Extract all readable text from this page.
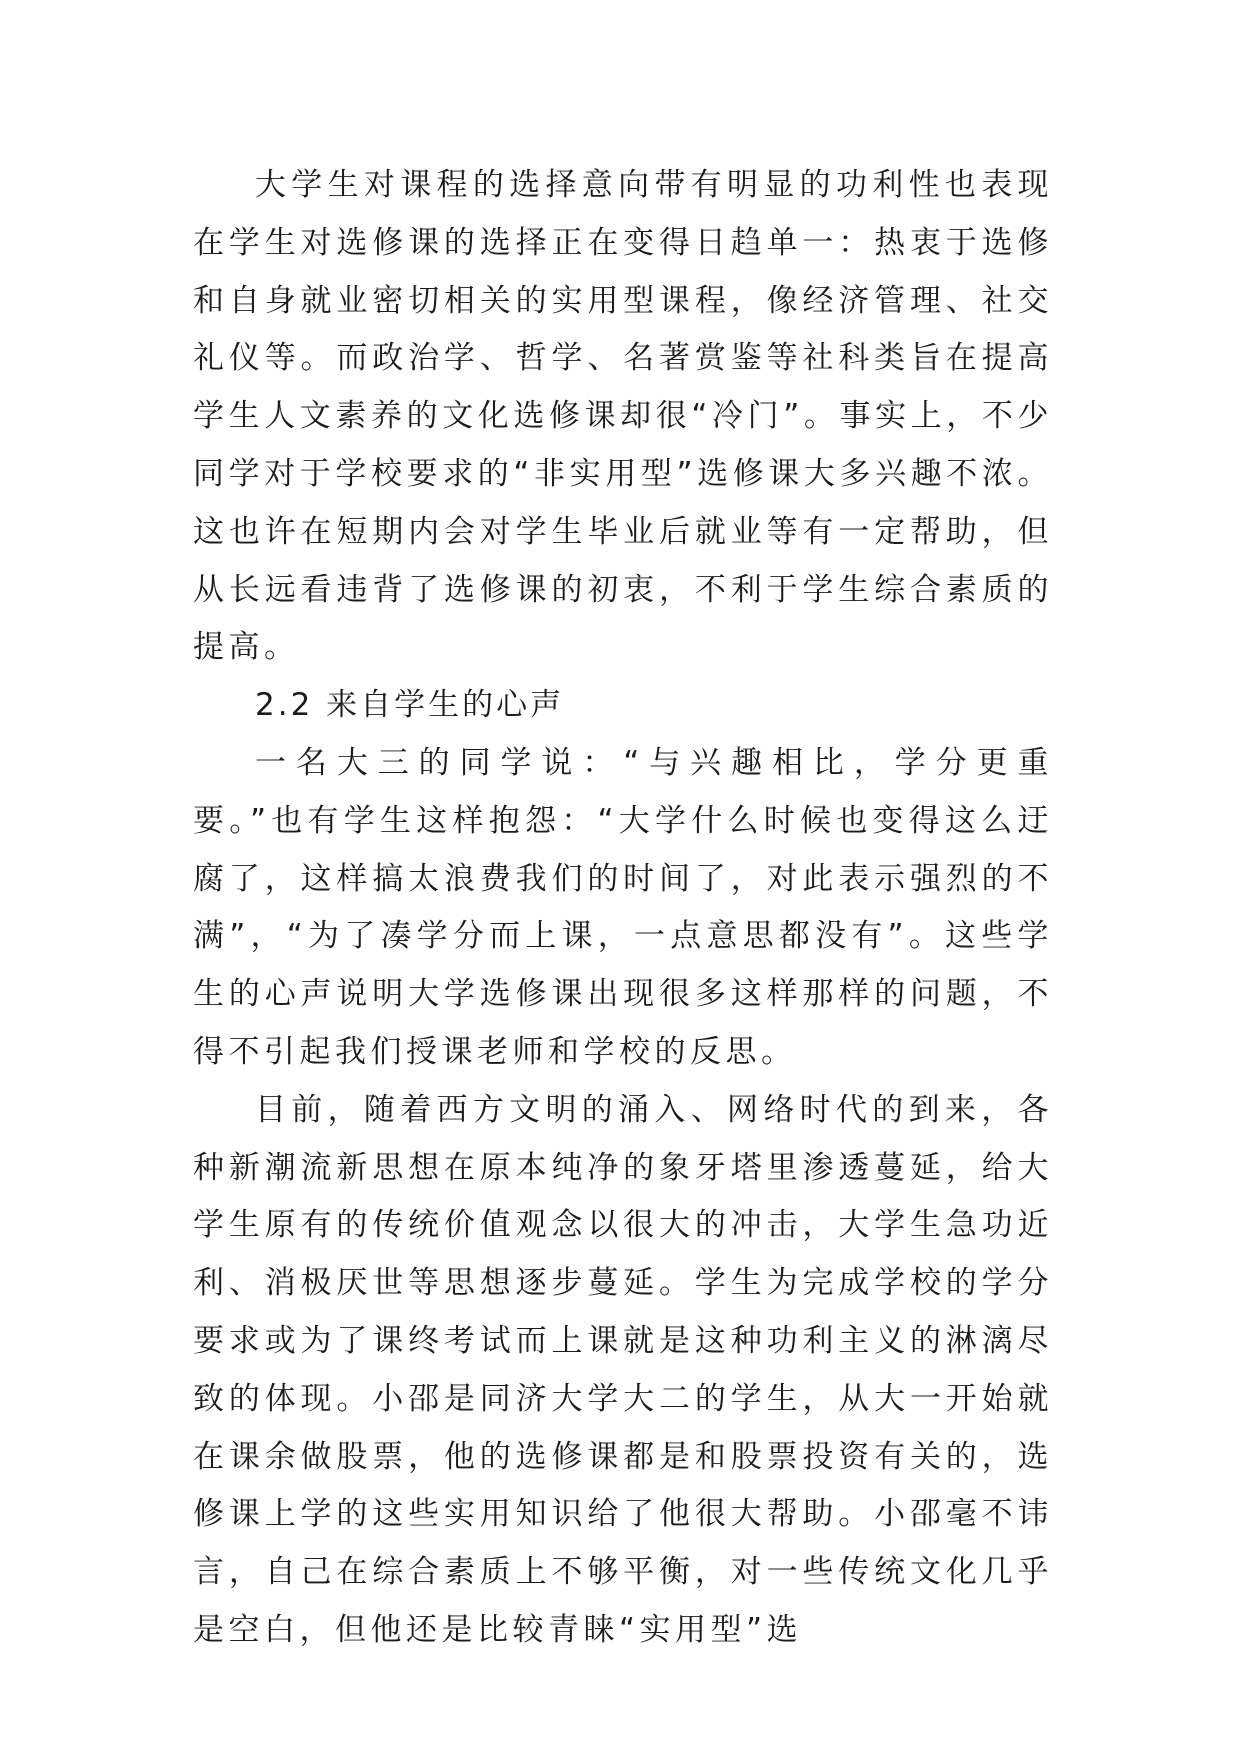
大学生对课程的选择意向带有明显的功利性也表现在学生对选修课的选择正在变得日趋单一：热衷于选修和自身就业密切相关的实用型课程，像经济管理、社交礼仪等。而政治学、哲学、名著赏鉴等社科类旨在提高学生人文素养的文化选修课却很“冷门”。事实上，不少同学对于学校要求的“非实用型”选修课大多兴趣不浓。这也许在短期内会对学生毕业后就业等有一定帮助，但从长远看违背了选修课的初衷，不利于学生综合素质的提高。

2.2 来自学生的心声

一名大三的同学说：“与兴趣相比，学分更重要。”也有学生这样抱怨：“大学什么时候也变得这么迂腐了，这样搞太浪费我们的时间了，对此表示强烈的不满”，“为了凑学分而上课，一点意思都没有”。这些学生的心声说明大学选修课出现很多这样那样的问题，不得不引起我们授课老师和学校的反思。

目前，随着西方文明的涌入、网络时代的到来，各种新潮流新思想在原本纯净的象牙塔里渗透蔓延，给大学生原有的传统价值观念以很大的冲击，大学生急功近利、消极厌世等思想逐步蔓延。学生为完成学校的学分要求或为了课终考试而上课就是这种功利主义的淋漓尽致的体现。小邵是同济大学大二的学生，从大一开始就在课余做股票，他的选修课都是和股票投资有关的，选修课上学的这些实用知识给了他很大帮助。小邵毫不讳言，自己在综合素质上不够平衡，对一些传统文化几乎是空白，但他还是比较青睐“实用型”选
